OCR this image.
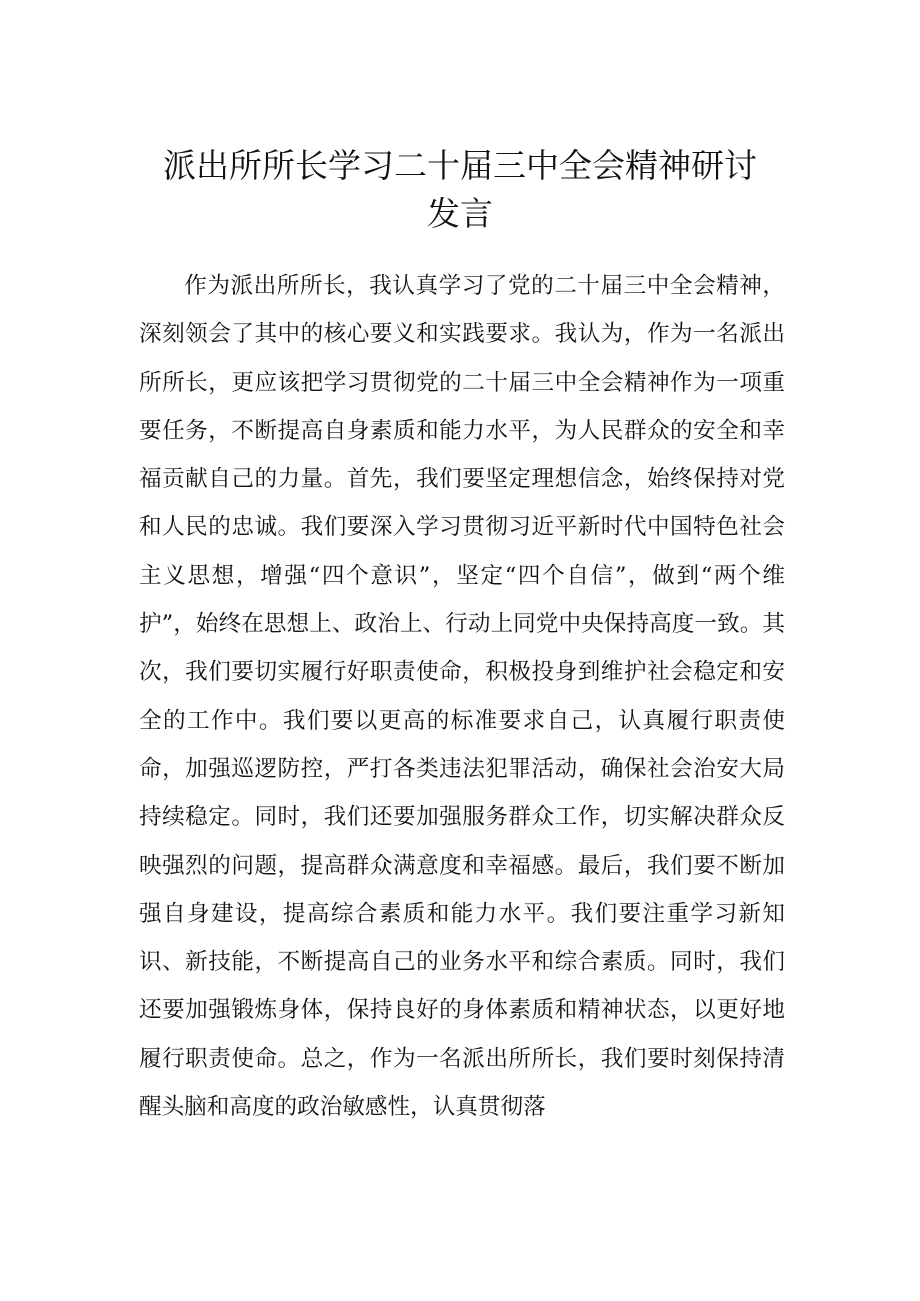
派出所所长学习二十届三中全会精神研讨
发言

作为派出所所长，我认真学习了党的二十届三中全会精神，深刻领会了其中的核心要义和实践要求。我认为，作为一名派出所所长，更应该把学习贯彻党的二十届三中全会精神作为一项重要任务，不断提高自身素质和能力水平，为人民群众的安全和幸福贡献自己的力量。首先，我们要坚定理想信念，始终保持对党和人民的忠诚。我们要深入学习贯彻习近平新时代中国特色社会主义思想，增强“四个意识”，坚定“四个自信”，做到“两个维护”，始终在思想上、政治上、行动上同党中央保持高度一致。其次，我们要切实履行好职责使命，积极投身到维护社会稳定和安全的工作中。我们要以更高的标准要求自己，认真履行职责使命，加强巡逻防控，严打各类违法犯罪活动，确保社会治安大局持续稳定。同时，我们还要加强服务群众工作，切实解决群众反映强烈的问题，提高群众满意度和幸福感。最后，我们要不断加强自身建设，提高综合素质和能力水平。我们要注重学习新知识、新技能，不断提高自己的业务水平和综合素质。同时，我们还要加强锻炼身体，保持良好的身体素质和精神状态，以更好地履行职责使命。总之，作为一名派出所所长，我们要时刻保持清醒头脑和高度的政治敏感性，认真贯彻落
